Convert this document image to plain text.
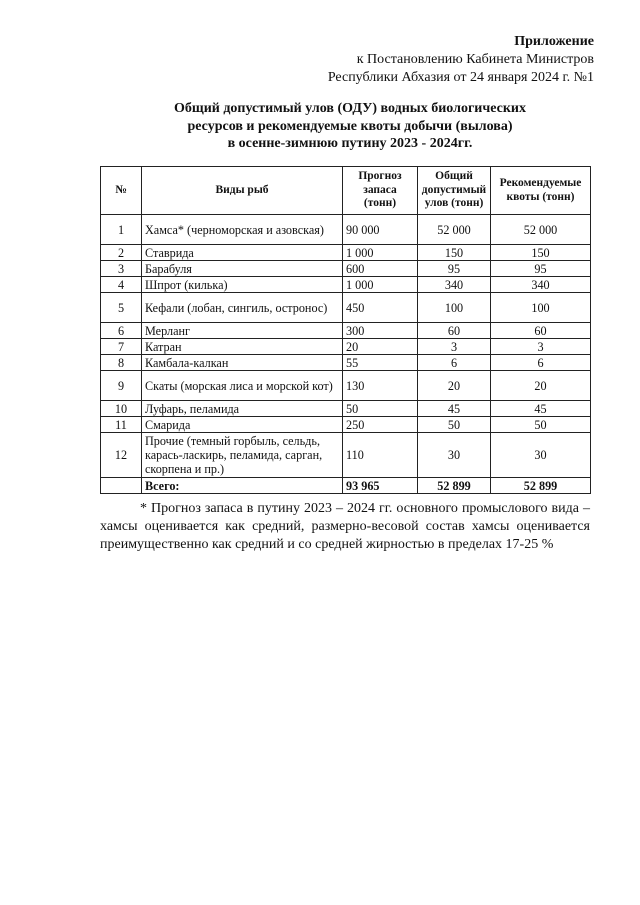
Приложение
к Постановлению Кабинета Министров
Республики Абхазия от 24 января 2024 г. №1
Общий допустимый улов (ОДУ) водных биологических
ресурсов и рекомендуемые квоты добычи (вылова)
в осенне-зимнюю путину 2023 - 2024гг.
№	Виды рыб	Прогноз запаса (тонн)	Общий допустимый улов (тонн)	Рекомендуемые квоты (тонн)
1	Хамса* (черноморская и азовская)	90 000	52 000	52 000
2	Ставрида	1 000	150	150
3	Барабуля	600	95	95
4	Шпрот (килька)	1 000	340	340
5	Кефали (лобан, сингиль, остронос)	450	100	100
6	Мерланг	300	60	60
7	Катран	20	3	3
8	Камбала-калкан	55	6	6
9	Скаты (морская лиса и морской кот)	130	20	20
10	Луфарь, пеламида	50	45	45
11	Смарида	250	50	50
12	Прочие (темный горбыль, сельдь, карась-ласкирь, пеламида, сарган, скорпена и пр.)	110	30	30
	Всего:	93 965	52 899	52 899
* Прогноз запаса в путину 2023 – 2024 гг. основного промыслового вида – хамсы оценивается как средний, размерно-весовой состав хамсы оценивается преимущественно как средний и со средней жирностью в пределах 17-25 %
